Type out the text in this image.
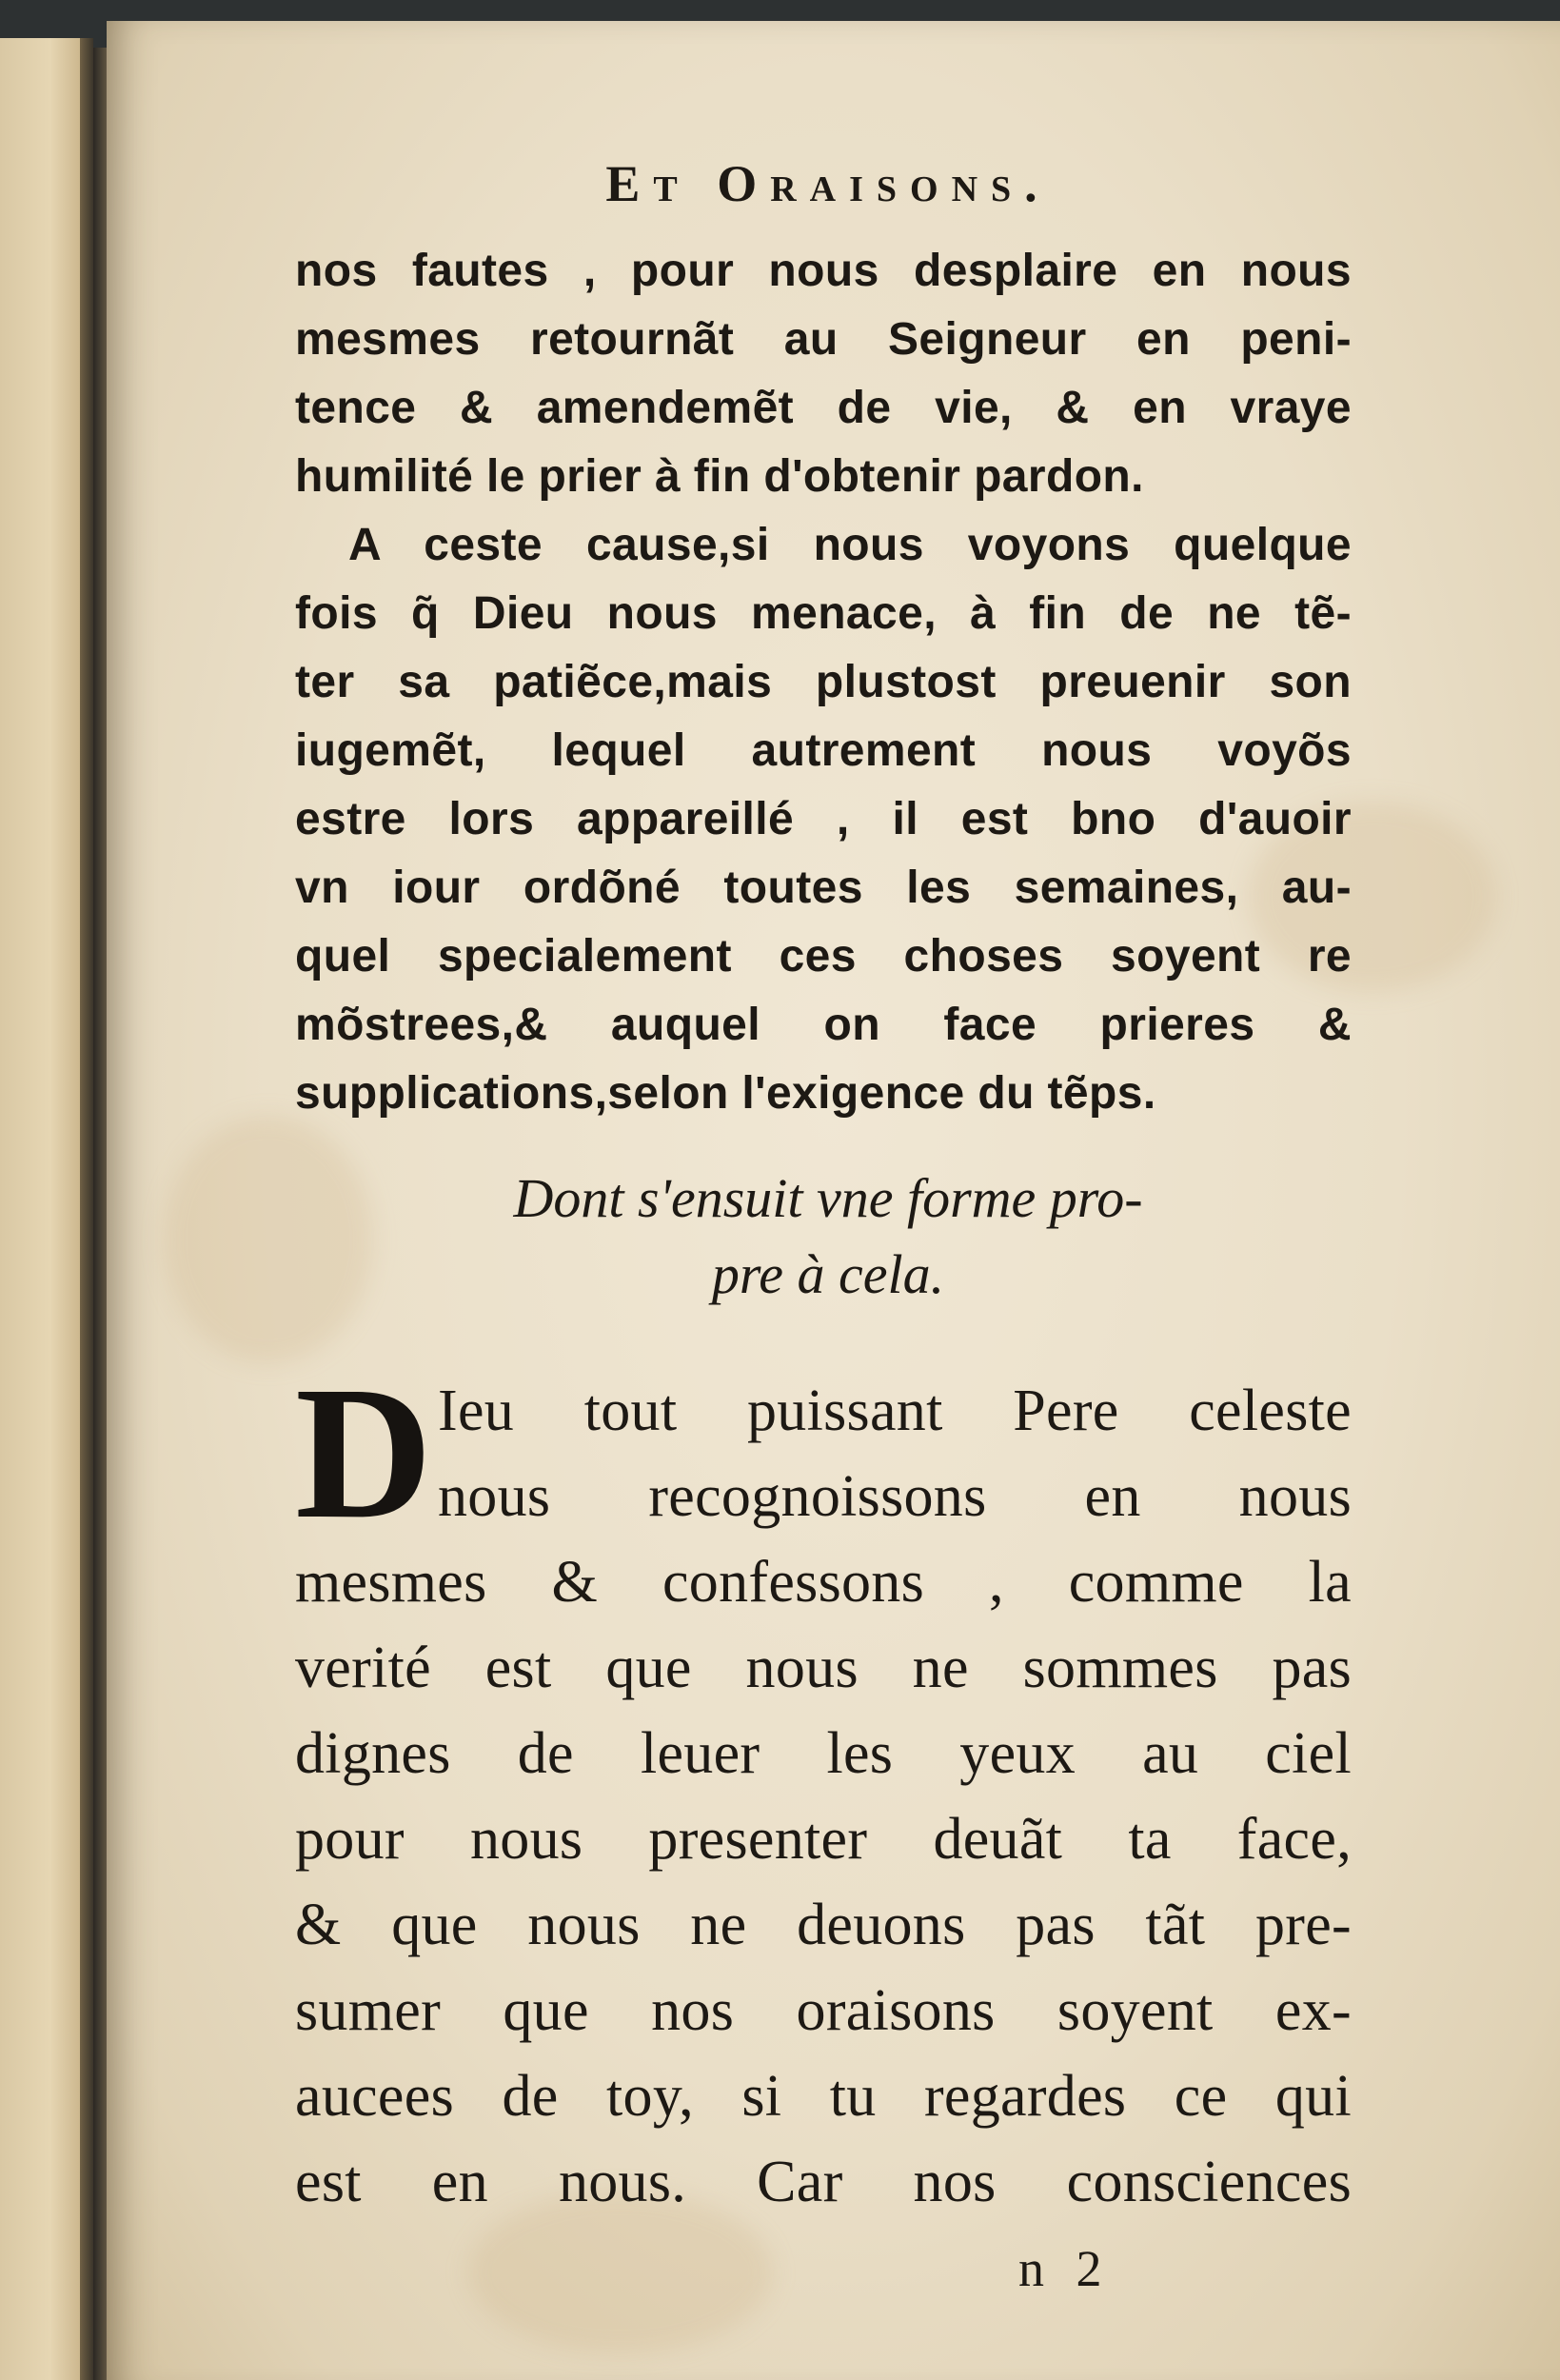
Et Oraisons.
nos fautes , pour nous desplaire en nous
mesmes retournãt au Seigneur en peni-
tence & amendemẽt de vie, & en vraye
humilité le prier à fin d'obtenir pardon.
A ceste cause,si nous voyons quelque
fois q̃ Dieu nous menace, à fin de ne tẽ-
ter sa patiẽce,mais plustost preuenir son
iugemẽt, lequel autrement nous voyõs
estre lors appareillé , il est bno d'auoir
vn iour ordõné toutes les semaines, au-
quel specialement ces choses soyent re
mõstrees,& auquel on face prieres &
supplications,selon l'exigence du tẽps.
Dont s'ensuit vne forme pro-
pre à cela.
D Ieu tout puissant Pere celeste
nous recognoissons en nous
mesmes & confessons , comme la
verité est que nous ne sommes pas
dignes de leuer les yeux au ciel
pour nous presenter deuãt ta face,
& que nous ne deuons pas tãt pre-
sumer que nos oraisons soyent ex-
aucees de toy, si tu regardes ce qui
est en nous. Car nos consciences
n 2
